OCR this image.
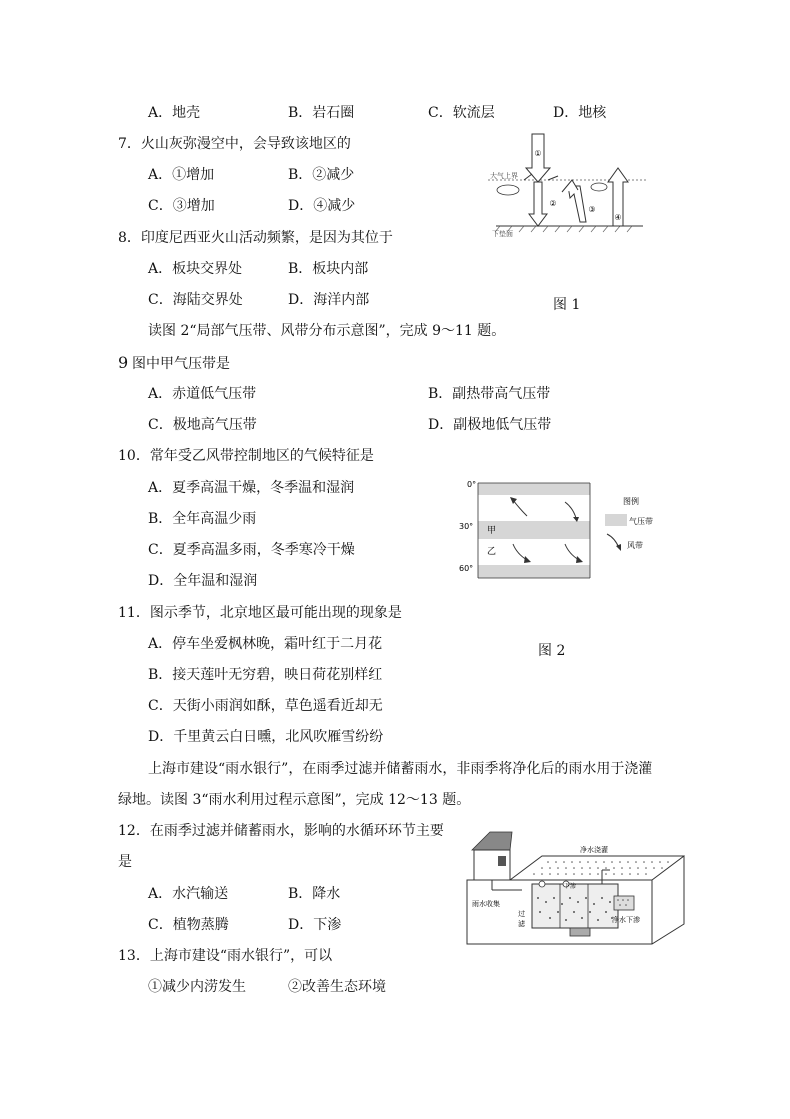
A．地壳	B．岩石圈	C．软流层	D．地核
7．火山灰弥漫空中，会导致该地区的
A．①增加	B．②减少
C．③增加	D．④减少
8．印度尼西亚火山活动频繁，是因为其位于
A．板块交界处	B．板块内部
C．海陆交界处	D．海洋内部
大气上界
下垫面
①
②
③
④
图 1
读图 2“局部气压带、风带分布示意图”，完成 9～11 题。
9 图中甲气压带是
A．赤道低气压带	B．副热带高气压带
C．极地高气压带	D．副极地低气压带
10．常年受乙风带控制地区的气候特征是
A．夏季高温干燥，冬季温和湿润
B．全年高温少雨
C．夏季高温多雨，冬季寒冷干燥
D．全年温和湿润
0°
30°
60°
甲
乙
图例
气压带
风带
11．图示季节，北京地区最可能出现的现象是
A．停车坐爱枫林晚，霜叶红于二月花	图 2
B．接天莲叶无穷碧，映日荷花别样红
C．天街小雨润如酥，草色遥看近却无
D．千里黄云白日曛，北风吹雁雪纷纷
上海市建设“雨水银行”，在雨季过滤并储蓄雨水，非雨季将净化后的雨水用于浇灌
绿地。读图 3“雨水利用过程示意图”，完成 12～13 题。
12．在雨季过滤并储蓄雨水，影响的水循环环节主要
是
A．水汽输送	B．降水
C．植物蒸腾	D．下渗
净水浇灌
雨水收集
过
滤
下渗
净水下渗
13．上海市建设“雨水银行”，可以
①减少内涝发生	②改善生态环境
